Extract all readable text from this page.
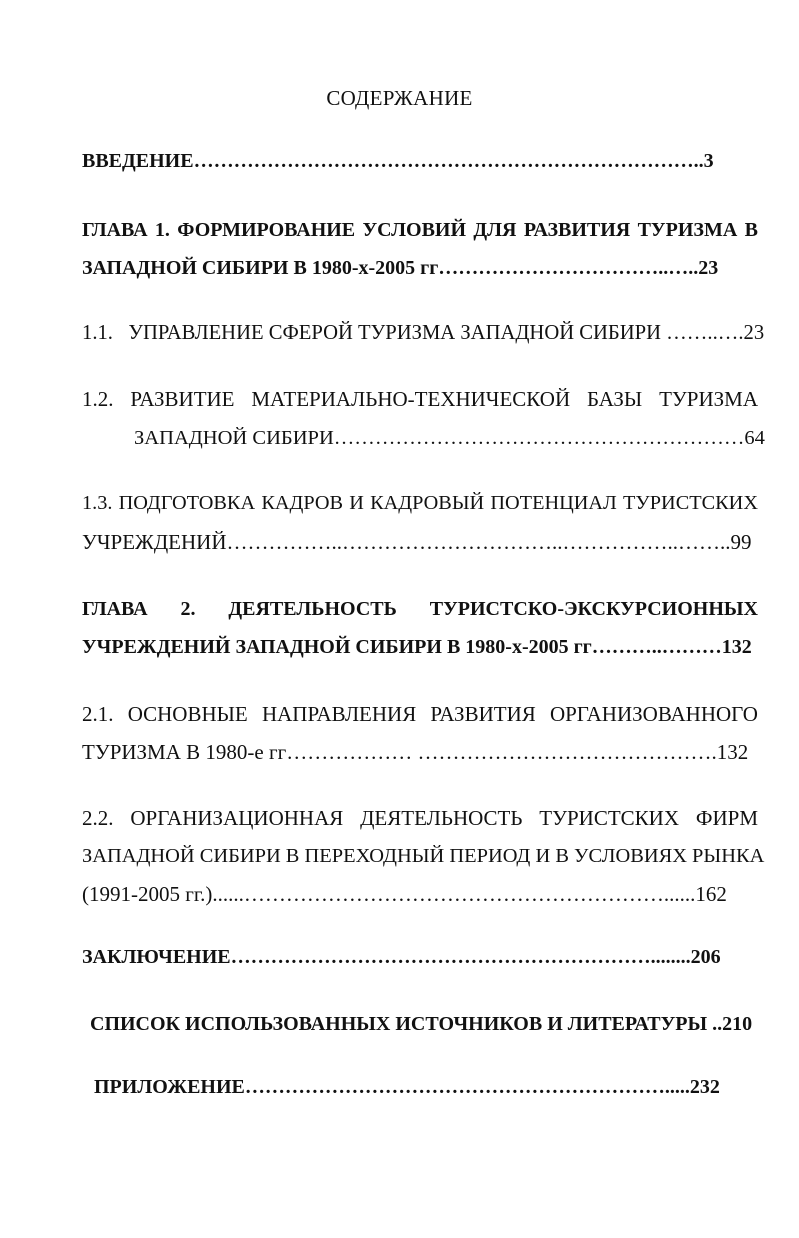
СОДЕРЖАНИЕ
ВВЕДЕНИЕ…………………………………………………………………..3
ГЛАВА 1. ФОРМИРОВАНИЕ УСЛОВИЙ ДЛЯ РАЗВИТИЯ ТУРИЗМА В
ЗАПАДНОЙ СИБИРИ В 1980-х-2005 гг……………………………..…..23
1.1.   УПРАВЛЕНИЕ СФЕРОЙ ТУРИЗМА ЗАПАДНОЙ СИБИРИ ……..….23
1.2. РАЗВИТИЕ МАТЕРИАЛЬНО-ТЕХНИЧЕСКОЙ БАЗЫ ТУРИЗМА
ЗАПАДНОЙ СИБИРИ……………………………………………………64
1.3. ПОДГОТОВКА КАДРОВ И КАДРОВЫЙ ПОТЕНЦИАЛ ТУРИСТСКИХ
УЧРЕЖДЕНИЙ……………..…………………………..……………..……..99
ГЛАВА 2. ДЕЯТЕЛЬНОСТЬ ТУРИСТСКО-ЭКСКУРСИОННЫХ
УЧРЕЖДЕНИЙ ЗАПАДНОЙ СИБИРИ В 1980-х-2005 гг………..………132
2.1. ОСНОВНЫЕ НАПРАВЛЕНИЯ РАЗВИТИЯ ОРГАНИЗОВАННОГО
ТУРИЗМА В 1980-е гг……………… …………………………………….132
2.2. ОРГАНИЗАЦИОННАЯ ДЕЯТЕЛЬНОСТЬ ТУРИСТСКИХ ФИРМ
ЗАПАДНОЙ СИБИРИ В ПЕРЕХОДНЫЙ ПЕРИОД И В УСЛОВИЯХ РЫНКА
(1991-2005 гг.)......……………………………………………………......162
ЗАКЛЮЧЕНИЕ………………………………………………………........206
СПИСОК ИСПОЛЬЗОВАННЫХ ИСТОЧНИКОВ И ЛИТЕРАТУРЫ ..210
ПРИЛОЖЕНИЕ……………………………………………………….....232
